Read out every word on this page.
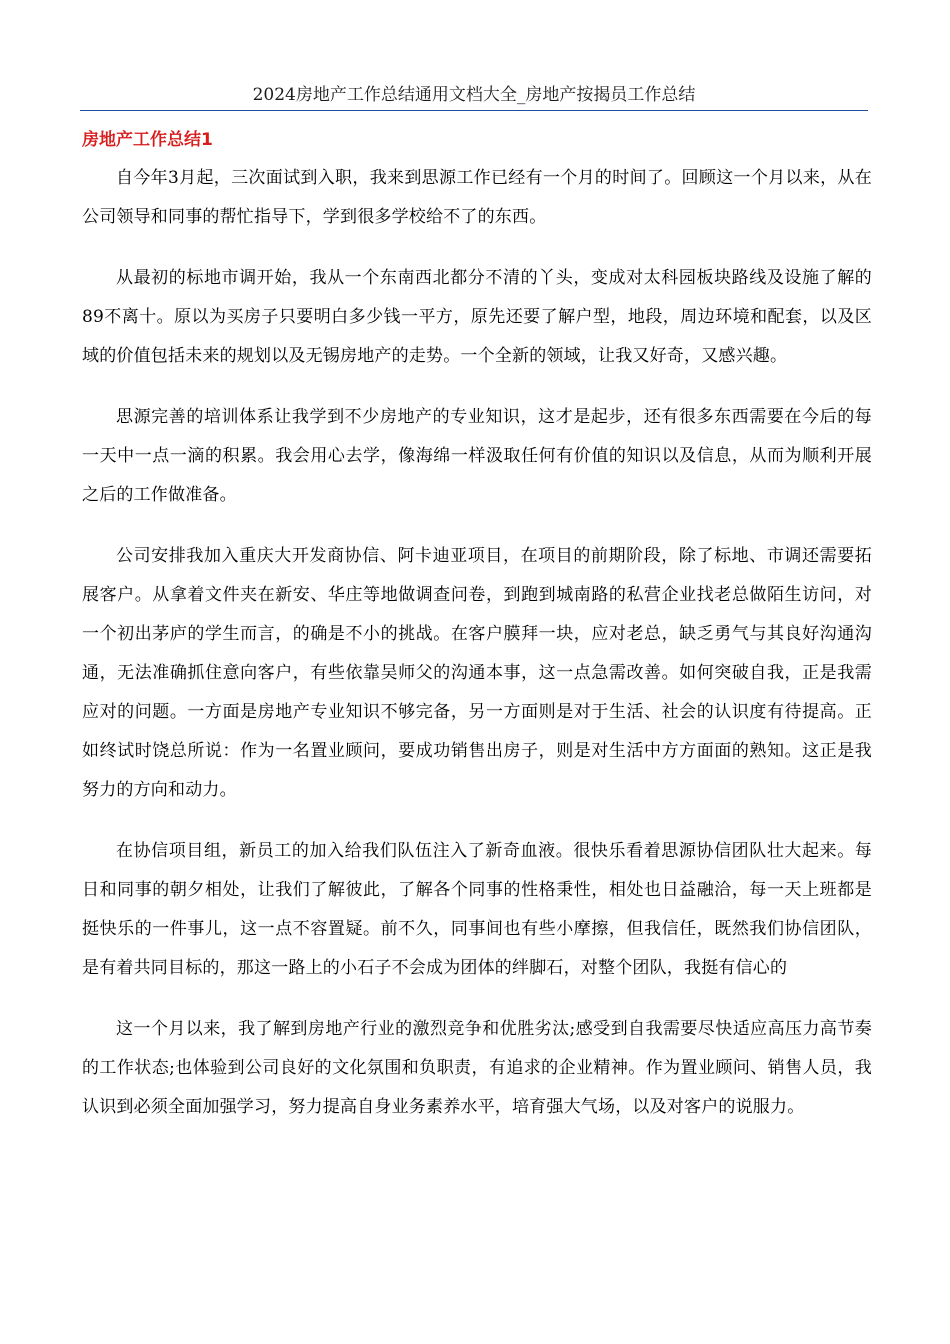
2024房地产工作总结通用文档大全_房地产按揭员工作总结
房地产工作总结1

自今年3月起，三次面试到入职，我来到思源工作已经有一个月的时间了。回顾这一个月以来，从在公司领导和同事的帮忙指导下，学到很多学校给不了的东西。

从最初的标地市调开始，我从一个东南西北都分不清的丫头，变成对太科园板块路线及设施了解的89不离十。原以为买房子只要明白多少钱一平方，原先还要了解户型，地段，周边环境和配套，以及区域的价值包括未来的规划以及无锡房地产的走势。一个全新的领域，让我又好奇，又感兴趣。

思源完善的培训体系让我学到不少房地产的专业知识，这才是起步，还有很多东西需要在今后的每一天中一点一滴的积累。我会用心去学，像海绵一样汲取任何有价值的知识以及信息，从而为顺利开展之后的工作做准备。

公司安排我加入重庆大开发商协信、阿卡迪亚项目，在项目的前期阶段，除了标地、市调还需要拓展客户。从拿着文件夹在新安、华庄等地做调查问卷，到跑到城南路的私营企业找老总做陌生访问，对一个初出茅庐的学生而言，的确是不小的挑战。在客户膜拜一块，应对老总，缺乏勇气与其良好沟通沟通，无法准确抓住意向客户，有些依靠吴师父的沟通本事，这一点急需改善。如何突破自我，正是我需应对的问题。一方面是房地产专业知识不够完备，另一方面则是对于生活、社会的认识度有待提高。正如终试时饶总所说：作为一名置业顾问，要成功销售出房子，则是对生活中方方面面的熟知。这正是我努力的方向和动力。

在协信项目组，新员工的加入给我们队伍注入了新奇血液。很快乐看着思源协信团队壮大起来。每日和同事的朝夕相处，让我们了解彼此，了解各个同事的性格秉性，相处也日益融洽，每一天上班都是挺快乐的一件事儿，这一点不容置疑。前不久，同事间也有些小摩擦，但我信任，既然我们协信团队，是有着共同目标的，那这一路上的小石子不会成为团体的绊脚石，对整个团队，我挺有信心的

这一个月以来，我了解到房地产行业的激烈竞争和优胜劣汰;感受到自我需要尽快适应高压力高节奏的工作状态;也体验到公司良好的文化氛围和负职责，有追求的企业精神。作为置业顾问、销售人员，我认识到必须全面加强学习，努力提高自身业务素养水平，培育强大气场，以及对客户的说服力。
